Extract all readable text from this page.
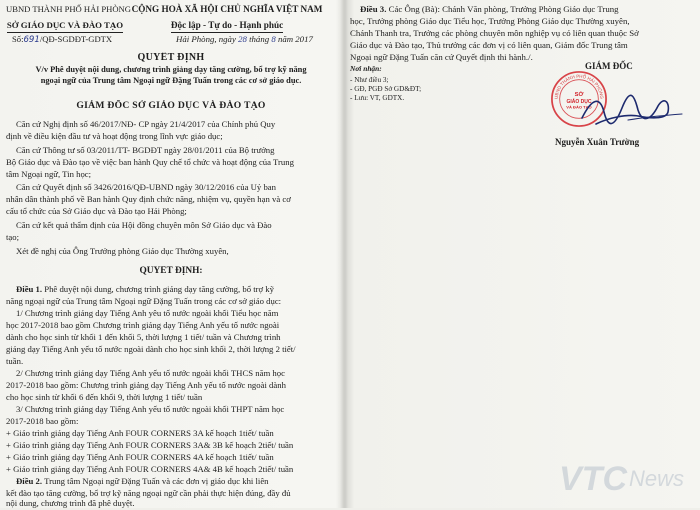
UBND THÀNH PHỐ HẢI PHÒNG
SỞ GIÁO DỤC VÀ ĐÀO TẠO
CỘNG HOÀ XÃ HỘI CHỦ NGHĨA VIỆT NAM
Độc lập - Tự do - Hạnh phúc
Số:691/QĐ-SGDĐT-GDTX	Hải Phòng, ngày 28 tháng 8 năm 2017
QUYẾT ĐỊNH
V/v Phê duyệt nội dung, chương trình giảng dạy tăng cường, bổ trợ kỹ năng
ngoại ngữ của Trung tâm Ngoại ngữ Đặng Tuấn trong các cơ sở giáo dục.
GIÁM ĐỐC SỞ GIÁO DỤC VÀ ĐÀO TẠO
Căn cứ Nghị định số 46/2017/NĐ- CP ngày 21/4/2017 của Chính phủ Quy
định về điều kiện đầu tư và hoạt động trong lĩnh vực giáo dục;
Căn cứ Thông tư số 03/2011/TT- BGDĐT ngày 28/01/2011 của Bộ trưởng
Bộ Giáo dục và Đào tạo về việc ban hành Quy chế tổ chức và hoạt động của Trung
tâm Ngoại ngữ, Tin học;
Căn cứ Quyết định số 3426/2016/QĐ-UBND ngày 30/12/2016 của Uỷ ban
nhân dân thành phố về Ban hành Quy định chức năng, nhiệm vụ, quyền hạn và cơ
cấu tổ chức của Sở Giáo dục và Đào tạo Hải Phòng;
Căn cứ kết quả thẩm định của Hội đồng chuyên môn Sở Giáo dục và Đào
tạo;
Xét đề nghị của Ông Trưởng phòng Giáo dục Thường xuyên,
QUYẾT ĐỊNH:
Điều 1. Phê duyệt nội dung, chương trình giảng dạy tăng cường, bổ trợ kỹ
năng ngoại ngữ của Trung tâm Ngoại ngữ Đặng Tuấn trong các cơ sở giáo dục:
1/ Chương trình giảng dạy Tiếng Anh yêu tố nước ngoài khối Tiểu học năm
học 2017-2018 bao gồm Chương trình giảng dạy Tiếng Anh yếu tố nước ngoài
dành cho học sinh từ khối 1 đến khối 5, thời lượng 1 tiết/ tuần và Chương trình
giảng dạy Tiếng Anh yếu tố nước ngoài dành cho học sinh khối 2, thời lượng 2 tiết/
tuần.
2/ Chương trình giảng dạy Tiếng Anh yếu tố nước ngoài khối THCS năm học
2017-2018 bao gồm: Chương trình giảng dạy Tiếng Anh yếu tố nước ngoài dành
cho học sinh từ khối 6 đến khối 9, thời lượng 1 tiết/ tuần
3/ Chương trình giảng dạy Tiếng Anh yếu tố nước ngoài khối THPT năm học
2017-2018 bao gồm:
+ Giáo trình giảng dạy Tiếng Anh FOUR CORNERS 3A kế hoạch 1tiết/ tuần
+ Giáo trình giảng dạy Tiếng Anh FOUR CORNERS 3A& 3B kế hoạch 2tiết/ tuần
+ Giáo trình giảng dạy Tiếng Anh FOUR CORNERS 4A kế hoạch 1tiết/ tuần
+ Giáo trình giảng dạy Tiếng Anh FOUR CORNERS 4A& 4B kế hoạch 2tiết/ tuần
Điều 2. Trung tâm Ngoại ngữ Đặng Tuấn và các đơn vị giáo dục khi liên
kết đào tạo tăng cường, bổ trợ kỹ năng ngoại ngữ cần phải thực hiện đúng, đầy đủ
nội dung, chương trình đã phê duyệt.
Điều 3. Các Ông (Bà): Chánh Văn phòng, Trưởng Phòng Giáo dục Trung
học, Trưởng phòng Giáo dục Tiểu học, Trưởng Phòng Giáo dục Thường xuyên,
Chánh Thanh tra, Trưởng các phòng chuyên môn nghiệp vụ có liên quan thuộc Sở
Giáo dục và Đào tạo, Thủ trưởng các đơn vị có liên quan, Giám đốc Trung tâm
Ngoại ngữ Đặng Tuấn căn cứ Quyết định thi hành./.
Nơi nhận:
- Như điều 3;
- GĐ, PGĐ Sở GD&ĐT;
- Lưu: VT, GDTX.
GIÁM ĐỐC
UBND THÀNH PHỐ HẢI PHÒNG
SỞ
GIÁO DỤC
VÀ ĐÀO TẠO
Nguyễn Xuân Trường
VTC News
